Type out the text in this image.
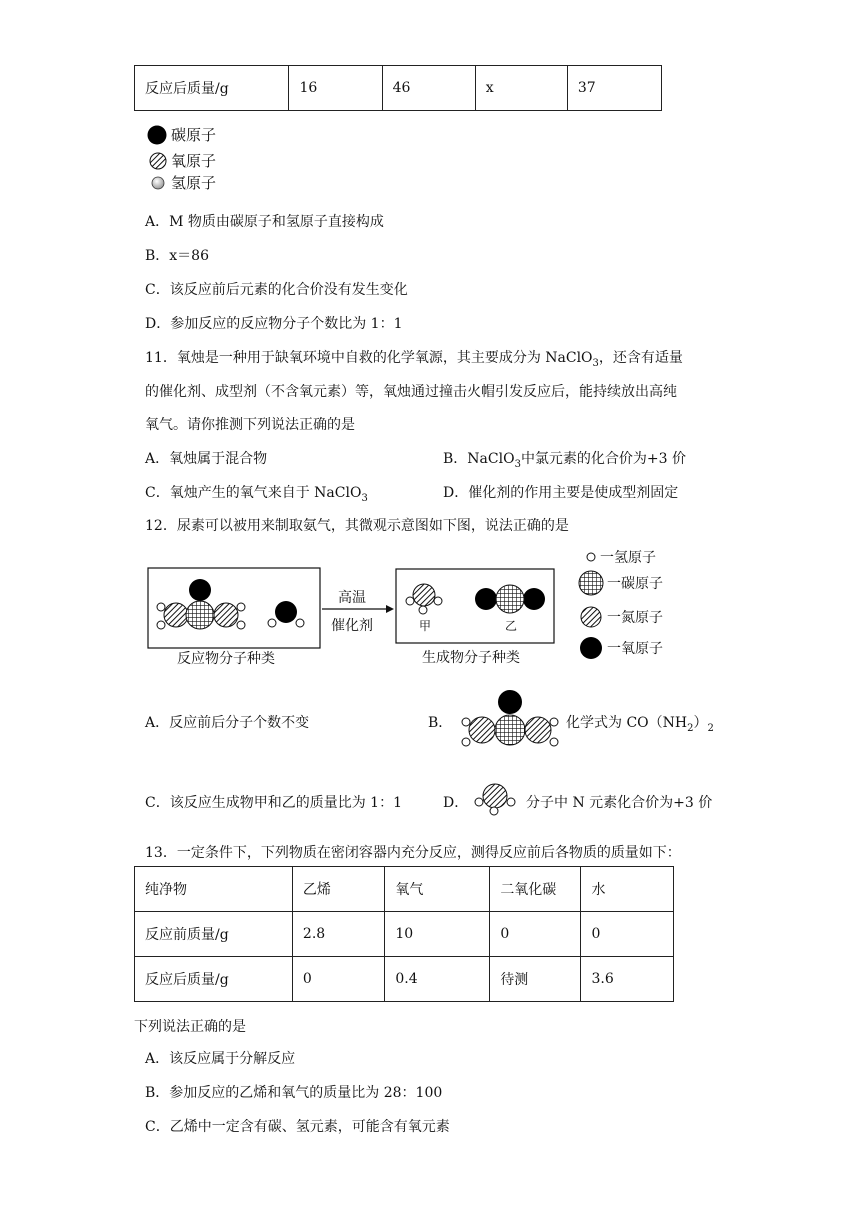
反应后质量/g	16	46	x	37
碳原子
氧原子
氢原子
A．M 物质由碳原子和氢原子直接构成
B．x＝86
C．该反应前后元素的化合价没有发生变化
D．参加反应的反应物分子个数比为 1：1
11．氧烛是一种用于缺氧环境中自救的化学氧源，其主要成分为 NaClO$_3$，还含有适量
的催化剂、成型剂（不含氧元素）等，氧烛通过撞击火帽引发反应后，能持续放出高纯
氧气。请你推测下列说法正确的是
A．氧烛属于混合物	B．NaClO$_3$中氯元素的化合价为+3 价
C．氧烛产生的氧气来自于 NaClO$_3$	D．催化剂的作用主要是使成型剂固定
12．尿素可以被用来制取氨气，其微观示意图如下图，说法正确的是
反应物分子种类
高温
催化剂	甲	乙
生成物分子种类
一氢原子
一碳原子
一氮原子
一氧原子
A．反应前后分子个数不变	B．	化学式为 $CO(NH_2)_2$
C．该反应生成物甲和乙的质量比为 1：1	D．	分子中 N 元素化合价为+3 价
13．一定条件下，下列物质在密闭容器内充分反应，测得反应前后各物质的质量如下：
纯净物	乙烯	氧气	二氧化碳	水
反应前质量/g	2.8	10	0	0
反应后质量/g	0	0.4	待测	3.6
下列说法正确的是
A．该反应属于分解反应
B．参加反应的乙烯和氧气的质量比为 28：100
C．乙烯中一定含有碳、氢元素，可能含有氧元素
